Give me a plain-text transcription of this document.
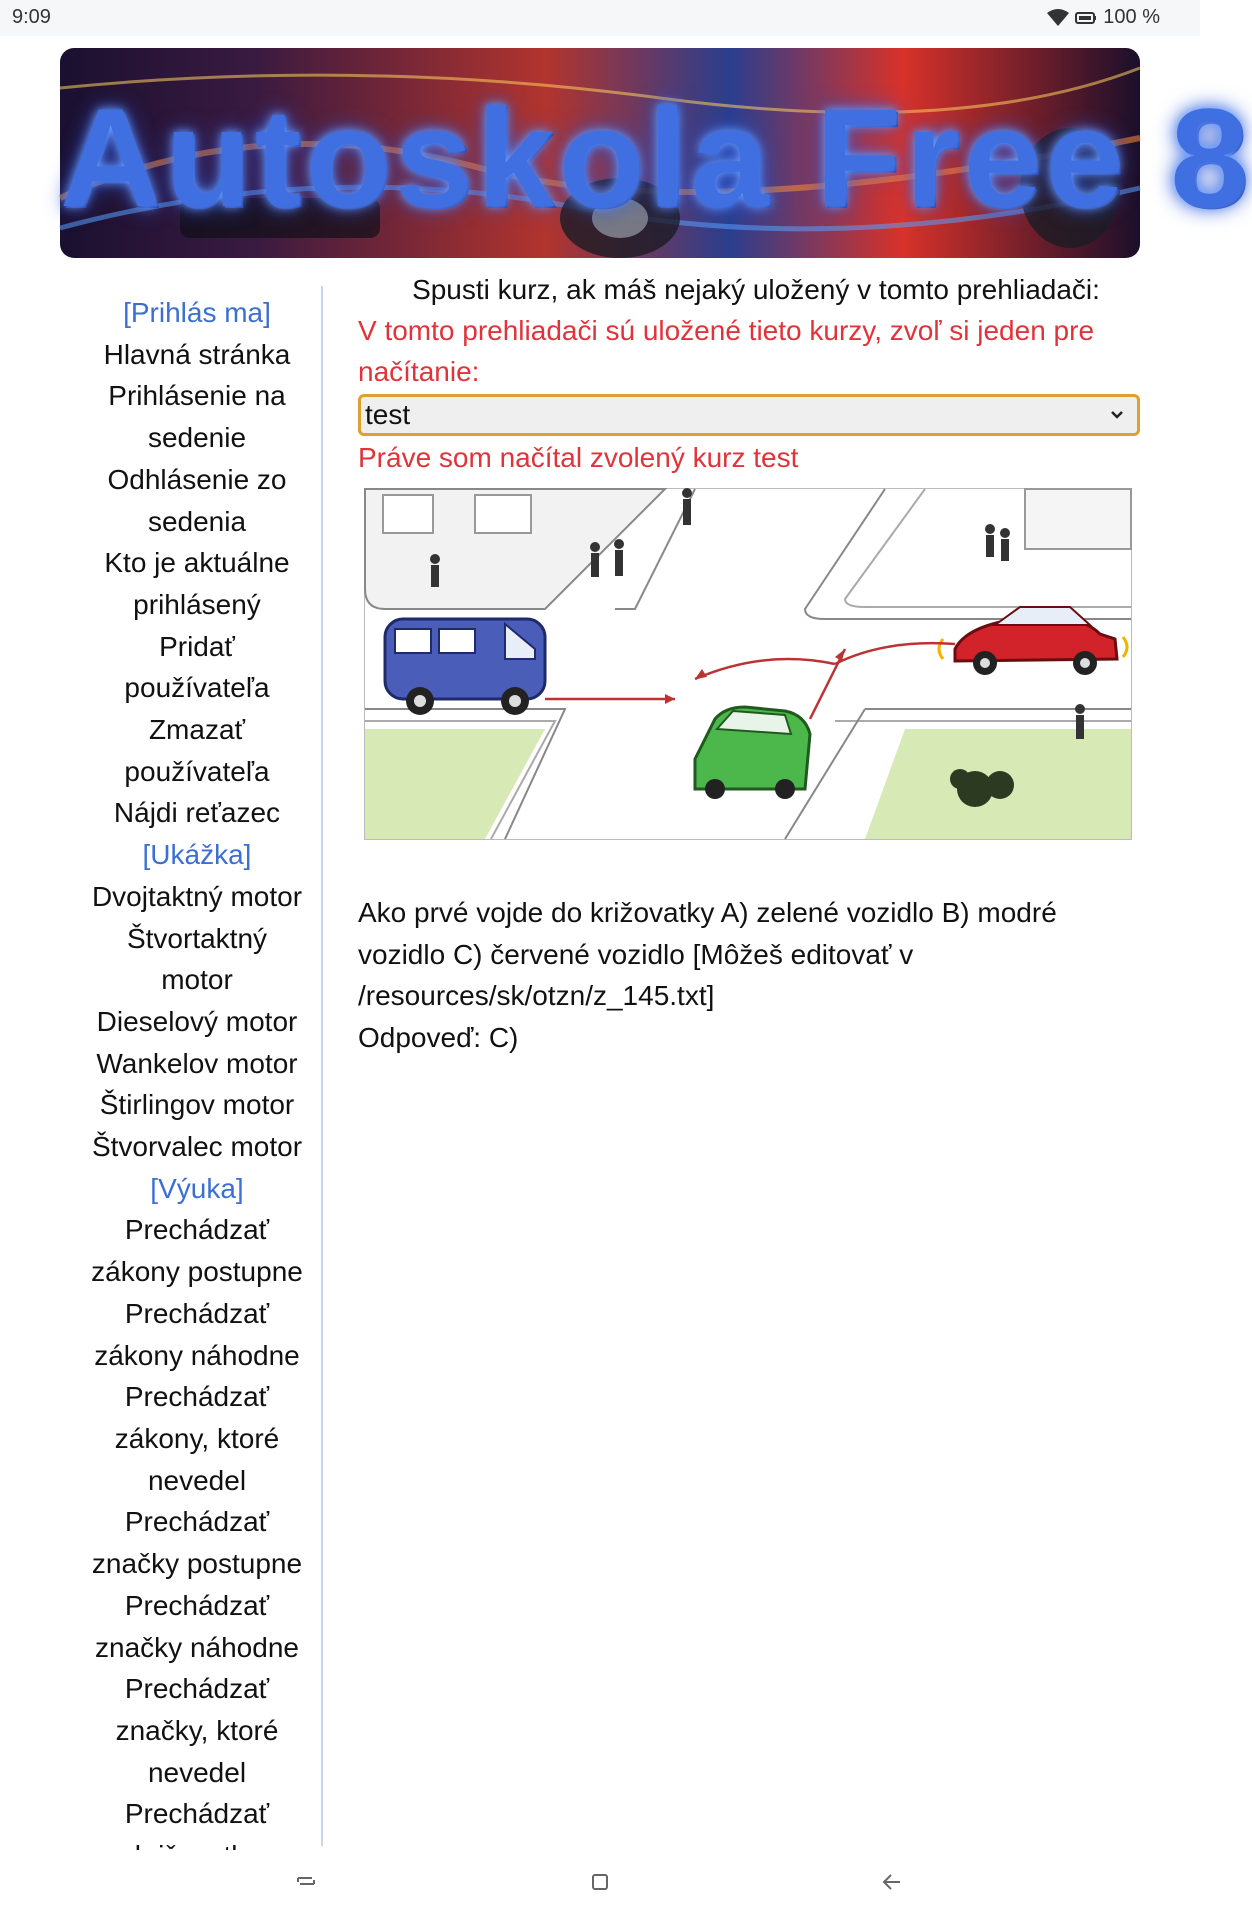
9:09	100 %
Autoskola Free 8
[Prihlás ma]
Hlavná stránka
Prihlásenie na
sedenie
Odhlásenie zo
sedenia
Kto je aktuálne
prihlásený
Pridať
používateľa
Zmazať
používateľa
Nájdi reťazec
[Ukážka]
Dvojtaktný motor
Štvortaktný
motor
Dieselový motor
Wankelov motor
Štirlingov motor
Štvorvalec motor
[Výuka]
Prechádzať
zákony postupne
Prechádzať
zákony náhodne
Prechádzať
zákony, ktoré
nevedel
Prechádzať
značky postupne
Prechádzať
značky náhodne
Prechádzať
značky, ktoré
nevedel
Prechádzať
Spusti kurz, ak máš nejaký uložený v tomto prehliadači:
V tomto prehliadači sú uložené tieto kurzy, zvoľ si jeden pre načítanie:
test
Práve som načítal zvolený kurz test
Ako prvé vojde do križovatky A) zelené vozidlo B) modré vozidlo C) červené vozidlo [Môžeš editovať v /resources/sk/otzn/z_145.txt]
Odpoveď: C)
